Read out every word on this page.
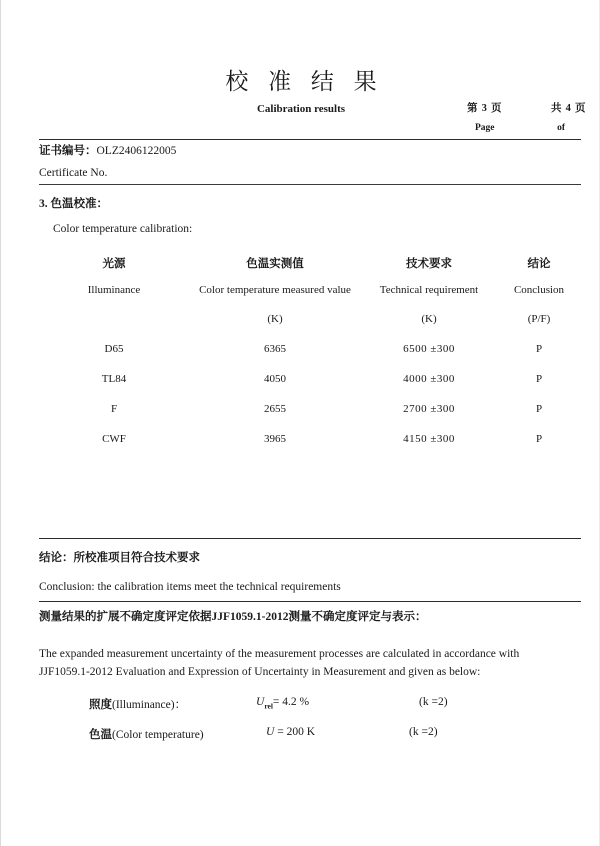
校 准 结 果
Calibration results	第 3 页	共 4 页
Page	of
证书编号：OLZ2406122005
Certificate No.
3. 色温校准：
Color temperature calibration:
光源	色温实测值	技术要求	结论
Illuminance	Color temperature measured value	Technical requirement	Conclusion
	(K)	(K)	(P/F)
D65	6365	6500 ±300	P
TL84	4050	4000 ±300	P
F	2655	2700 ±300	P
CWF	3965	4150 ±300	P
结论：所校准项目符合技术要求
Conclusion: the calibration items meet the technical requirements
测量结果的扩展不确定度评定依据JJF1059.1-2012测量不确定度评定与表示：
The expanded measurement uncertainty of the measurement processes are calculated in accordance with
JJF1059.1-2012 Evaluation and Expression of Uncertainty in Measurement and given as below:
照度(Illuminance)：	$U_{rel}= 4.2$ %	(k =2)
色温(Color temperature)	U = 200 K	(k =2)
